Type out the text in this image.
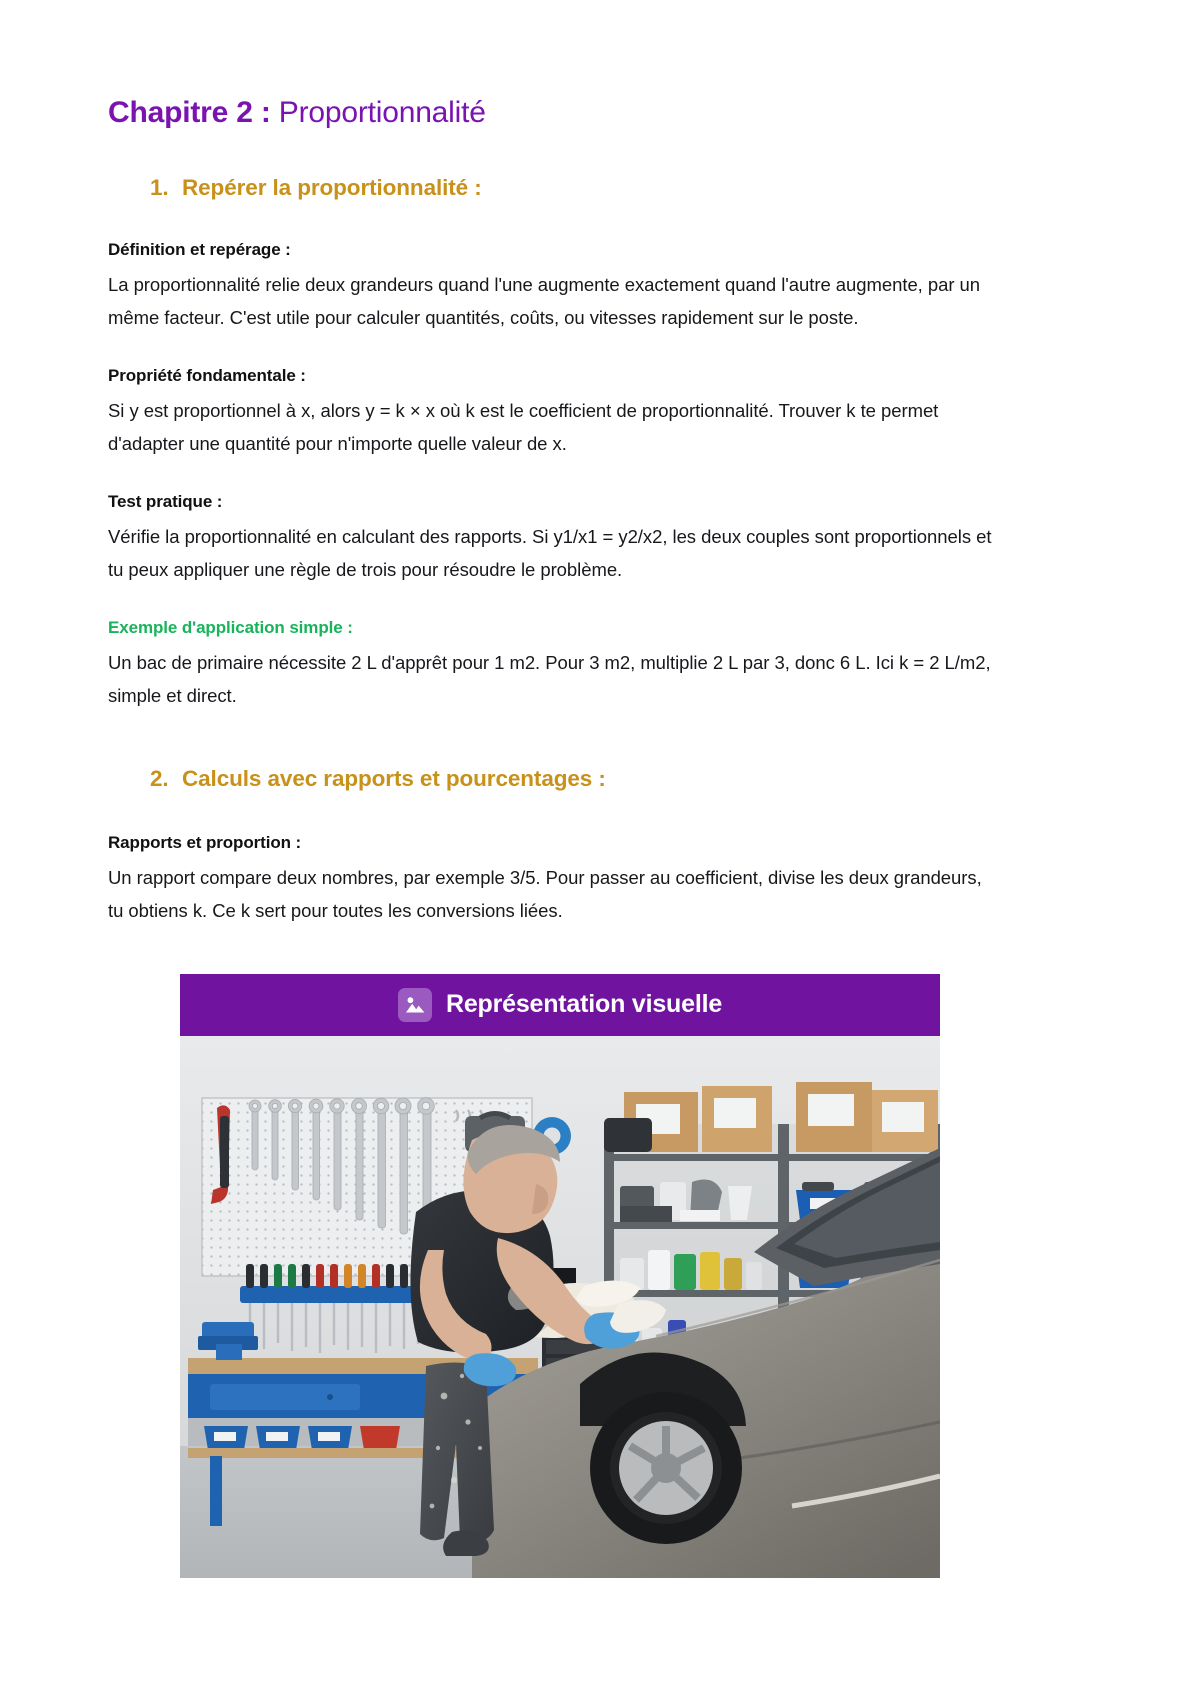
Chapitre 2 : Proportionnalité
1. Repérer la proportionnalité :

Définition et repérage :

La proportionnalité relie deux grandeurs quand l'une augmente exactement quand l'autre augmente, par un même facteur. C'est utile pour calculer quantités, coûts, ou vitesses rapidement sur le poste.

Propriété fondamentale :

Si y est proportionnel à x, alors y = k × x où k est le coefficient de proportionnalité. Trouver k te permet d'adapter une quantité pour n'importe quelle valeur de x.

Test pratique :

Vérifie la proportionnalité en calculant des rapports. Si y1/x1 = y2/x2, les deux couples sont proportionnels et tu peux appliquer une règle de trois pour résoudre le problème.

Exemple d'application simple :

Un bac de primaire nécessite 2 L d'apprêt pour 1 m2. Pour 3 m2, multiplie 2 L par 3, donc 6 L. Ici k = 2 L/m2, simple et direct.

2. Calculs avec rapports et pourcentages :

Rapports et proportion :

Un rapport compare deux nombres, par exemple 3/5. Pour passer au coefficient, divise les deux grandeurs, tu obtiens k. Ce k sert pour toutes les conversions liées.

Représentation visuelle
